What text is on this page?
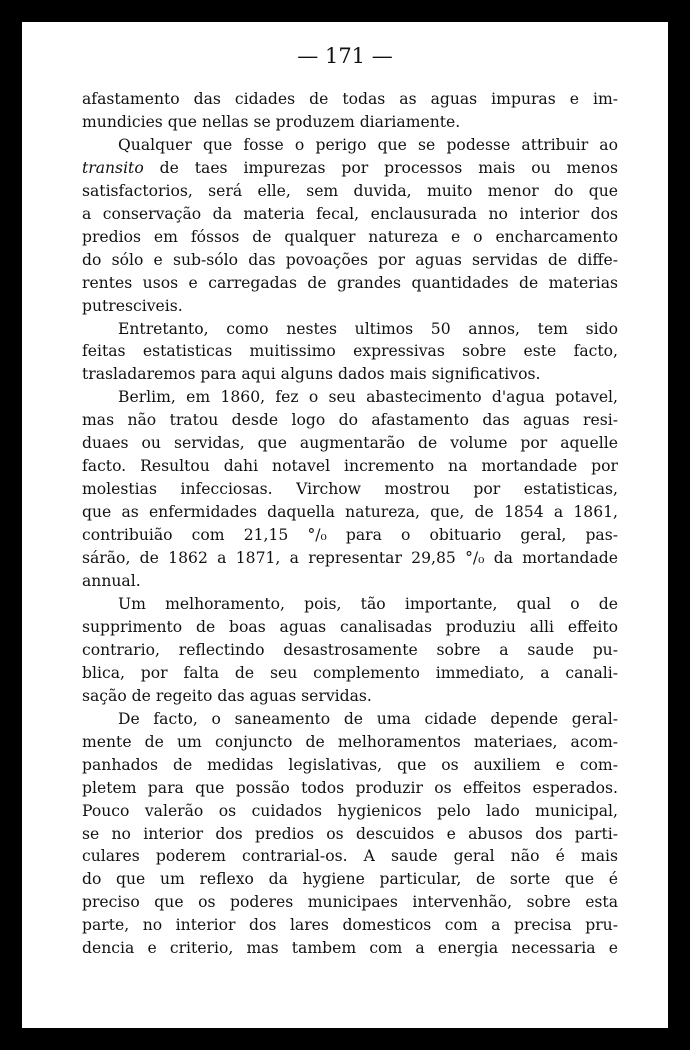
— 171 —
afastamento das cidades de todas as aguas impuras e im-
mundicies que nellas se produzem diariamente.
Qualquer que fosse o perigo que se podesse attribuir ao
transito de taes impurezas por processos mais ou menos
satisfactorios, será elle, sem duvida, muito menor do que
a conservação da materia fecal, enclausurada no interior dos
predios em fóssos de qualquer natureza e o encharcamento
do sólo e sub-sólo das povoações por aguas servidas de diffe-
rentes usos e carregadas de grandes quantidades de materias
putresciveis.
Entretanto, como nestes ultimos 50 annos, tem sido
feitas estatisticas muitissimo expressivas sobre este facto,
trasladaremos para aqui alguns dados mais significativos.
Berlim, em 1860, fez o seu abastecimento d'agua potavel,
mas não tratou desde logo do afastamento das aguas resi-
duaes ou servidas, que augmentarão de volume por aquelle
facto. Resultou dahi notavel incremento na mortandade por
molestias infecciosas. Virchow mostrou por estatisticas,
que as enfermidades daquella natureza, que, de 1854 a 1861,
contribuião com 21,15 °/₀ para o obituario geral, pas-
sárão, de 1862 a 1871, a representar 29,85 °/₀ da mortandade
annual.
Um melhoramento, pois, tão importante, qual o de
supprimento de boas aguas canalisadas produziu alli effeito
contrario, reflectindo desastrosamente sobre a saude pu-
blica, por falta de seu complemento immediato, a canali-
sação de regeito das aguas servidas.
De facto, o saneamento de uma cidade depende geral-
mente de um conjuncto de melhoramentos materiaes, acom-
panhados de medidas legislativas, que os auxiliem e com-
pletem para que possão todos produzir os effeitos esperados.
Pouco valerão os cuidados hygienicos pelo lado municipal,
se no interior dos predios os descuidos e abusos dos parti-
culares poderem contrarial-os. A saude geral não é mais
do que um reflexo da hygiene particular, de sorte que é
preciso que os poderes municipaes intervenhão, sobre esta
parte, no interior dos lares domesticos com a precisa pru-
dencia e criterio, mas tambem com a energia necessaria e
